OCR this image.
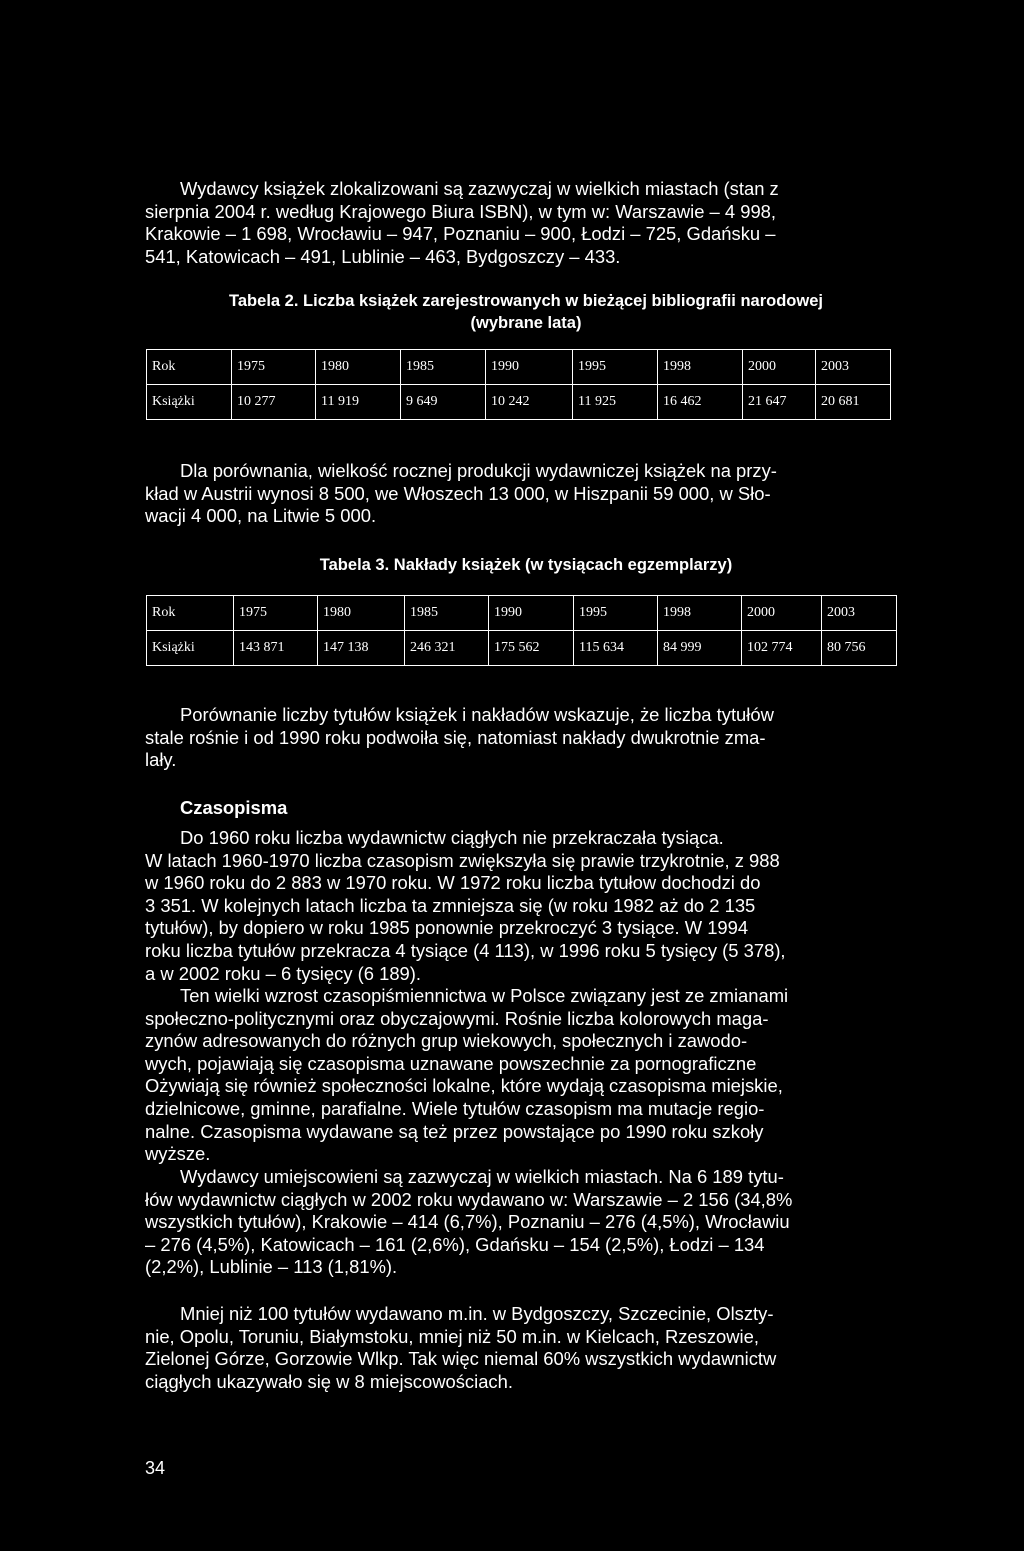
Wydawcy książek zlokalizowani są zazwyczaj w wielkich miastach (stan z
sierpnia 2004 r. według Krajowego Biura ISBN), w tym w: Warszawie – 4 998,
Krakowie – 1 698, Wrocławiu – 947, Poznaniu – 900, Łodzi – 725, Gdańsku –
541, Katowicach – 491, Lublinie – 463, Bydgoszczy – 433.
Tabela 2. Liczba książek zarejestrowanych w bieżącej bibliografii narodowej
(wybrane lata)
Rok	1975	1980	1985	1990	1995	1998	2000	2003
Książki	10 277	11 919	9 649	10 242	11 925	16 462	21 647	20 681
Dla porównania, wielkość rocznej produkcji wydawniczej książek na przy-
kład w Austrii wynosi 8 500, we Włoszech 13 000, w Hiszpanii 59 000, w Sło-
wacji 4 000, na Litwie 5 000.
Tabela 3. Nakłady książek (w tysiącach egzemplarzy)
Rok	1975	1980	1985	1990	1995	1998	2000	2003
Książki	143 871	147 138	246 321	175 562	115 634	84 999	102 774	80 756
Porównanie liczby tytułów książek i nakładów wskazuje, że liczba tytułów
stale rośnie i od 1990 roku podwoiła się, natomiast nakłady dwukrotnie zma-
lały.
Czasopisma
Do 1960 roku liczba wydawnictw ciągłych nie przekraczała tysiąca.
W latach 1960-1970 liczba czasopism zwiększyła się prawie trzykrotnie, z 988
w 1960 roku do 2 883 w 1970 roku. W 1972 roku liczba tytułow dochodzi do
3 351. W kolejnych latach liczba ta zmniejsza się (w roku 1982 aż do 2 135
tytułów), by dopiero w roku 1985 ponownie przekroczyć 3 tysiące. W 1994
roku liczba tytułów przekracza 4 tysiące (4 113), w 1996 roku 5 tysięcy (5 378),
a w 2002 roku – 6 tysięcy (6 189).
Ten wielki wzrost czasopiśmiennictwa w Polsce związany jest ze zmianami
społeczno-politycznymi oraz obyczajowymi. Rośnie liczba kolorowych maga-
zynów adresowanych do różnych grup wiekowych, społecznych i zawodo-
wych, pojawiają się czasopisma uznawane powszechnie za pornograficzne
Ożywiają się również społeczności lokalne, które wydają czasopisma miejskie,
dzielnicowe, gminne, parafialne. Wiele tytułów czasopism ma mutacje regio-
nalne. Czasopisma wydawane są też przez powstające po 1990 roku szkoły
wyższe.
Wydawcy umiejscowieni są zazwyczaj w wielkich miastach. Na 6 189 tytu-
łów wydawnictw ciągłych w 2002 roku wydawano w: Warszawie – 2 156 (34,8%
wszystkich tytułów), Krakowie – 414 (6,7%), Poznaniu – 276 (4,5%), Wrocławiu
– 276 (4,5%), Katowicach – 161 (2,6%), Gdańsku – 154 (2,5%), Łodzi – 134
(2,2%), Lublinie – 113 (1,81%).
Mniej niż 100 tytułów wydawano m.in. w Bydgoszczy, Szczecinie, Olszty-
nie, Opolu, Toruniu, Białymstoku, mniej niż 50 m.in. w Kielcach, Rzeszowie,
Zielonej Górze, Gorzowie Wlkp. Tak więc niemal 60% wszystkich wydawnictw
ciągłych ukazywało się w 8 miejscowościach.
34
